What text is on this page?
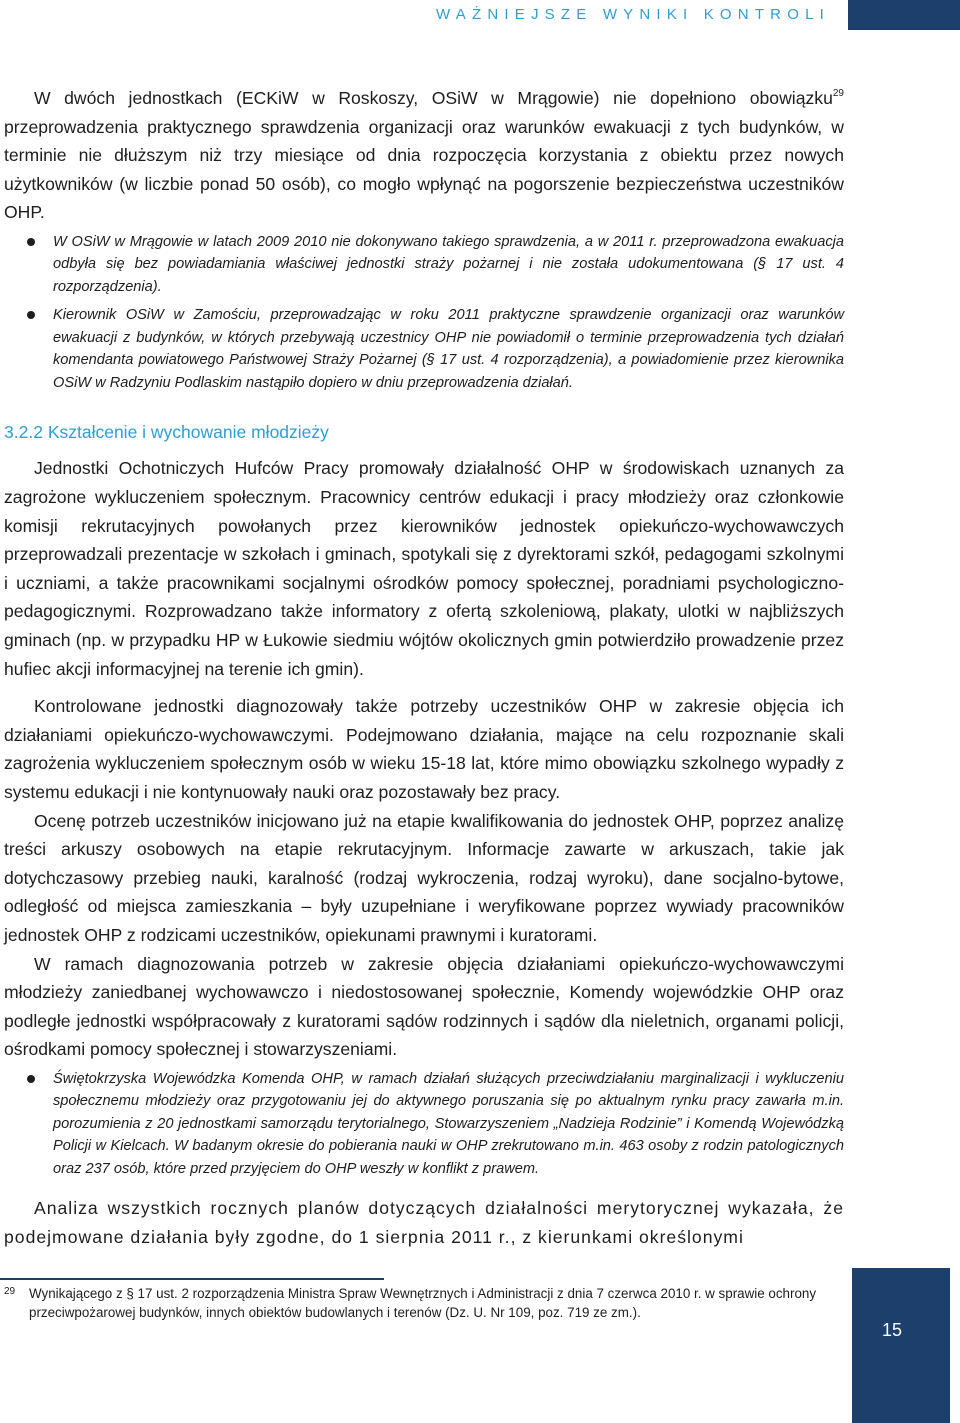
WAŻNIEJSZE WYNIKI KONTROLI

W dwóch jednostkach (ECKiW w Roskoszy, OSiW w Mrągowie) nie dopełniono obowiązku$^{29}$ przeprowadzenia praktycznego sprawdzenia organizacji oraz warunków ewakuacji z tych budynków, w terminie nie dłuższym niż trzy miesiące od dnia rozpoczęcia korzystania z obiektu przez nowych użytkowników (w liczbie ponad 50 osób), co mogło wpłynąć na pogorszenie bezpieczeństwa uczestników OHP.

W OSiW w Mrągowie w latach 2009 2010 nie dokonywano takiego sprawdzenia, a w 2011 r. przeprowadzona ewakuacja odbyła się bez powiadamiania właściwej jednostki straży pożarnej i nie została udokumentowana (§ 17 ust. 4 rozporządzenia).
Kierownik OSiW w Zamościu, przeprowadzając w roku 2011 praktyczne sprawdzenie organizacji oraz warunków ewakuacji z budynków, w których przebywają uczestnicy OHP nie powiadomił o terminie przeprowadzenia tych działań komendanta powiatowego Państwowej Straży Pożarnej (§ 17 ust. 4 rozporządzenia), a powiadomienie przez kierownika OSiW w Radzyniu Podlaskim nastąpiło dopiero w dniu przeprowadzenia działań.
3.2.2 Kształcenie i wychowanie młodzieży

Jednostki Ochotniczych Hufców Pracy promowały działalność OHP w środowiskach uznanych za zagrożone wykluczeniem społecznym. Pracownicy centrów edukacji i pracy młodzieży oraz członkowie komisji rekrutacyjnych powołanych przez kierowników jednostek opiekuńczo-wychowawczych przeprowadzali prezentacje w szkołach i gminach, spotykali się z dyrektorami szkół, pedagogami szkolnymi i uczniami, a także pracownikami socjalnymi ośrodków pomocy społecznej, poradniami psychologiczno-pedagogicznymi. Rozprowadzano także informatory z ofertą szkoleniową, plakaty, ulotki w najbliższych gminach (np. w przypadku HP w Łukowie siedmiu wójtów okolicznych gmin potwierdziło prowadzenie przez hufiec akcji informacyjnej na terenie ich gmin).

Kontrolowane jednostki diagnozowały także potrzeby uczestników OHP w zakresie objęcia ich działaniami opiekuńczo-wychowawczymi. Podejmowano działania, mające na celu rozpoznanie skali zagrożenia wykluczeniem społecznym osób w wieku 15-18 lat, które mimo obowiązku szkolnego wypadły z systemu edukacji i nie kontynuowały nauki oraz pozostawały bez pracy.

Ocenę potrzeb uczestników inicjowano już na etapie kwalifikowania do jednostek OHP, poprzez analizę treści arkuszy osobowych na etapie rekrutacyjnym. Informacje zawarte w arkuszach, takie jak dotychczasowy przebieg nauki, karalność (rodzaj wykroczenia, rodzaj wyroku), dane socjalno-bytowe, odległość od miejsca zamieszkania – były uzupełniane i weryfikowane poprzez wywiady pracowników jednostek OHP z rodzicami uczestników, opiekunami prawnymi i kuratorami.

W ramach diagnozowania potrzeb w zakresie objęcia działaniami opiekuńczo-wychowawczymi młodzieży zaniedbanej wychowawczo i niedostosowanej społecznie, Komendy wojewódzkie OHP oraz podległe jednostki współpracowały z kuratorami sądów rodzinnych i sądów dla nieletnich, organami policji, ośrodkami pomocy społecznej i stowarzyszeniami.

Świętokrzyska Wojewódzka Komenda OHP, w ramach działań służących przeciwdziałaniu marginalizacji i wykluczeniu społecznemu młodzieży oraz przygotowaniu jej do aktywnego poruszania się po aktualnym rynku pracy zawarła m.in. porozumienia z 20 jednostkami samorządu terytorialnego, Stowarzyszeniem „Nadzieja Rodzinie” i Komendą Wojewódzką Policji w Kielcach. W badanym okresie do pobierania nauki w OHP zrekrutowano m.in. 463 osoby z rodzin patologicznych oraz 237 osób, które przed przyjęciem do OHP weszły w konflikt z prawem.

Analiza wszystkich rocznych planów dotyczących działalności merytorycznej wykazała, że podejmowane działania były zgodne, do 1 sierpnia 2011 r., z kierunkami określonymi

29	Wynikającego z § 17 ust. 2 rozporządzenia Ministra Spraw Wewnętrznych i Administracji z dnia 7 czerwca 2010 r. w sprawie ochrony przeciwpożarowej budynków, innych obiektów budowlanych i terenów (Dz. U. Nr 109, poz. 719 ze zm.).
15
